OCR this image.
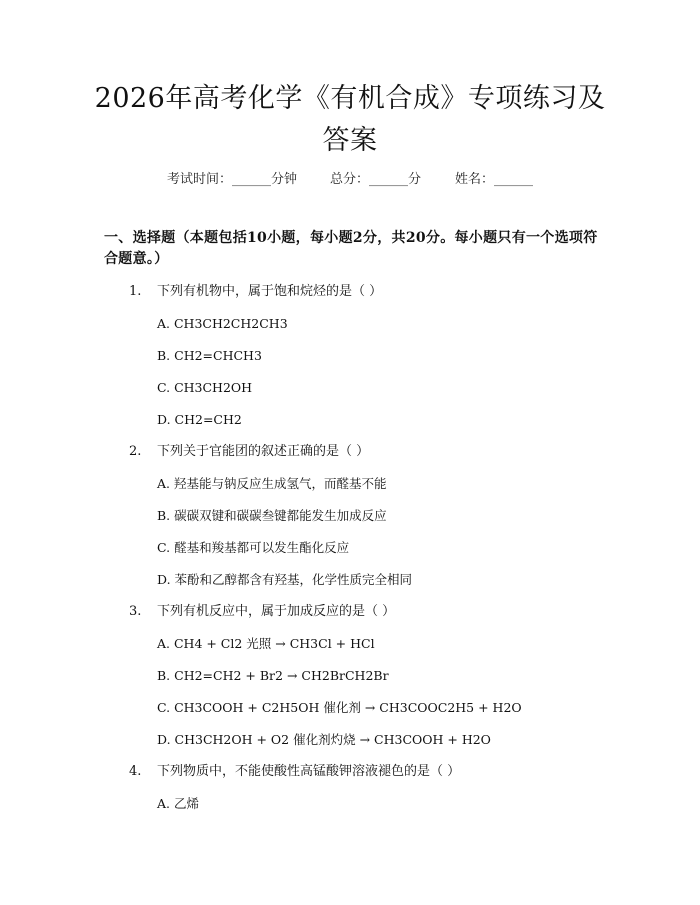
2026年高考化学《有机合成》专项练习及答案
考试时间：______分钟	总分：______分	姓名：______
一、选择题（本题包括10小题，每小题2分，共20分。每小题只有一个选项符合题意。）
1. 下列有机物中，属于饱和烷烃的是（ ）
A. CH3CH2CH2CH3
B. CH2=CHCH3
C. CH3CH2OH
D. CH2=CH2
2. 下列关于官能团的叙述正确的是（ ）
A. 羟基能与钠反应生成氢气，而醛基不能
B. 碳碳双键和碳碳叁键都能发生加成反应
C. 醛基和羧基都可以发生酯化反应
D. 苯酚和乙醇都含有羟基，化学性质完全相同
3. 下列有机反应中，属于加成反应的是（ ）
A. CH4 + Cl2 光照 → CH3Cl + HCl
B. CH2=CH2 + Br2 → CH2BrCH2Br
C. CH3COOH + C2H5OH 催化剂 → CH3COOC2H5 + H2O
D. CH3CH2OH + O2 催化剂灼烧 → CH3COOH + H2O
4. 下列物质中，不能使酸性高锰酸钾溶液褪色的是（ ）
A. 乙烯
